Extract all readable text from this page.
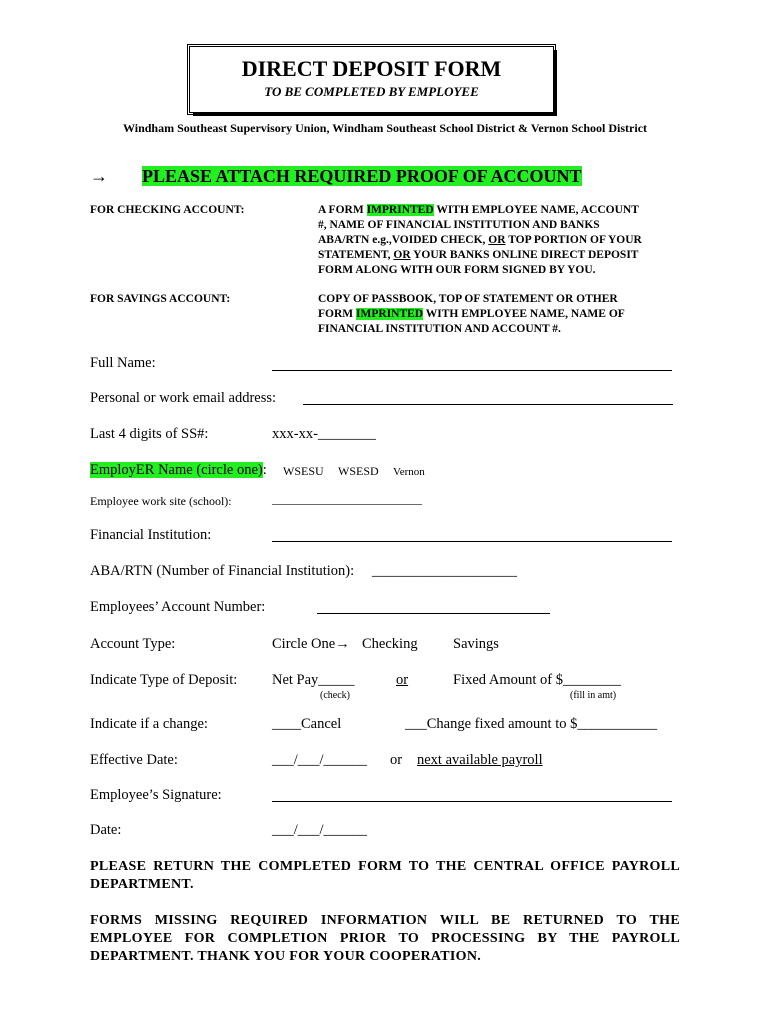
DIRECT DEPOSIT FORM
TO BE COMPLETED BY EMPLOYEE
Windham Southeast Supervisory Union, Windham Southeast School District & Vernon School District
→ PLEASE ATTACH REQUIRED PROOF OF ACCOUNT
FOR CHECKING ACCOUNT:	A FORM IMPRINTED WITH EMPLOYEE NAME, ACCOUNT
#, NAME OF FINANCIAL INSTITUTION AND BANKS
ABA/RTN e.g.,VOIDED CHECK, OR TOP PORTION OF YOUR
STATEMENT, OR YOUR BANKS ONLINE DIRECT DEPOSIT
FORM ALONG WITH OUR FORM SIGNED BY YOU.
FOR SAVINGS ACCOUNT:	COPY OF PASSBOOK, TOP OF STATEMENT OR OTHER
FORM IMPRINTED WITH EMPLOYEE NAME, NAME OF
FINANCIAL INSTITUTION AND ACCOUNT #.
Full Name:
Personal or work email address:
Last 4 digits of SS#:	xxx-xx-________
EmployER Name (circle one): WSESU WSESD Vernon
Employee work site (school):	_________________________
Financial Institution:
ABA/RTN (Number of Financial Institution): ____________________
Employees’ Account Number:
Account Type:	Circle One→ Checking Savings
Indicate Type of Deposit: Net Pay_____
(check)
or	Fixed Amount of $________
(fill in amt)
Indicate if a change:	____Cancel	___Change fixed amount to $___________
Effective Date:	___/___/______ or next available payroll
Employee’s Signature:
Date:	___/___/______
PLEASE RETURN THE COMPLETED FORM TO THE CENTRAL OFFICE PAYROLL DEPARTMENT.
FORMS MISSING REQUIRED INFORMATION WILL BE RETURNED TO THE EMPLOYEE FOR COMPLETION PRIOR TO PROCESSING BY THE PAYROLL DEPARTMENT. THANK YOU FOR YOUR COOPERATION.
